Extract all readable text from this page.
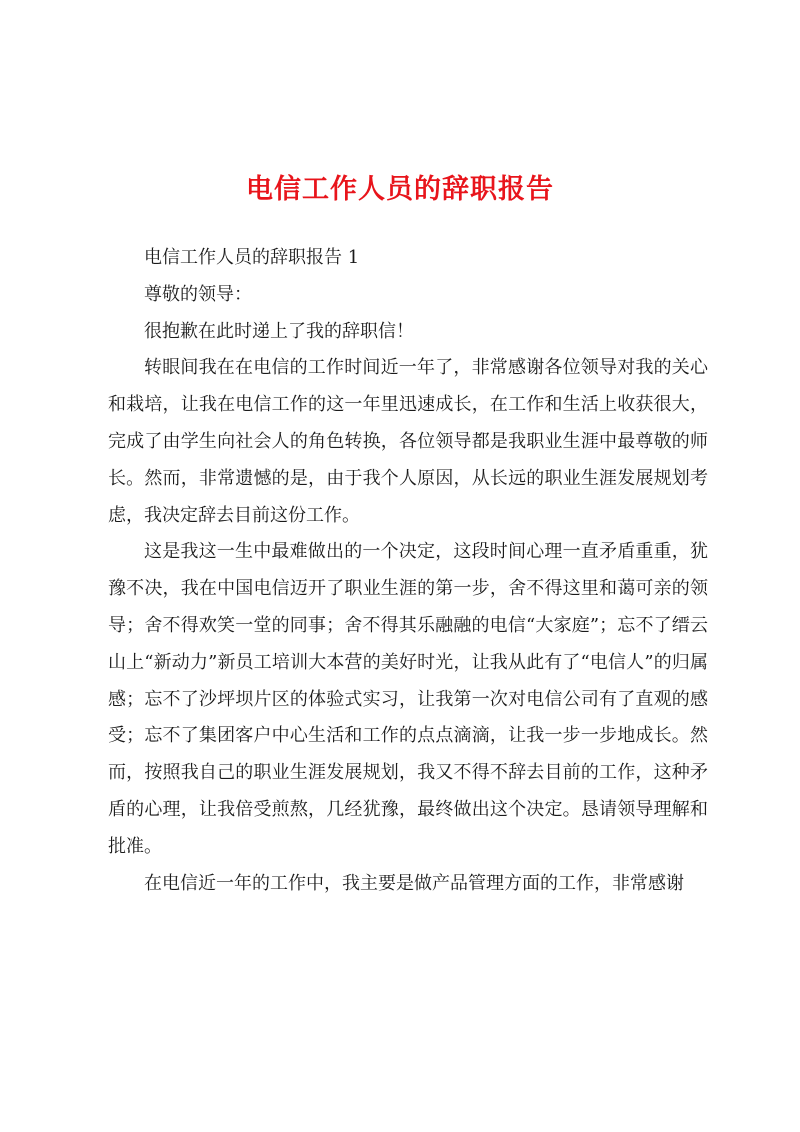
电信工作人员的辞职报告

电信工作人员的辞职报告 1

尊敬的领导：

很抱歉在此时递上了我的辞职信！

转眼间我在在电信的工作时间近一年了，非常感谢各位领导对我的关心和栽培，让我在电信工作的这一年里迅速成长，在工作和生活上收获很大，完成了由学生向社会人的角色转换，各位领导都是我职业生涯中最尊敬的师长。然而，非常遗憾的是，由于我个人原因，从长远的职业生涯发展规划考虑，我决定辞去目前这份工作。

这是我这一生中最难做出的一个决定，这段时间心理一直矛盾重重，犹豫不决，我在中国电信迈开了职业生涯的第一步，舍不得这里和蔼可亲的领导；舍不得欢笑一堂的同事；舍不得其乐融融的电信“大家庭”；忘不了缙云山上“新动力”新员工培训大本营的美好时光，让我从此有了“电信人”的归属感；忘不了沙坪坝片区的体验式实习，让我第一次对电信公司有了直观的感受；忘不了集团客户中心生活和工作的点点滴滴，让我一步一步地成长。然而，按照我自己的职业生涯发展规划，我又不得不辞去目前的工作，这种矛盾的心理，让我倍受煎熬，几经犹豫，最终做出这个决定。恳请领导理解和批准。

在电信近一年的工作中，我主要是做产品管理方面的工作，非常感谢
